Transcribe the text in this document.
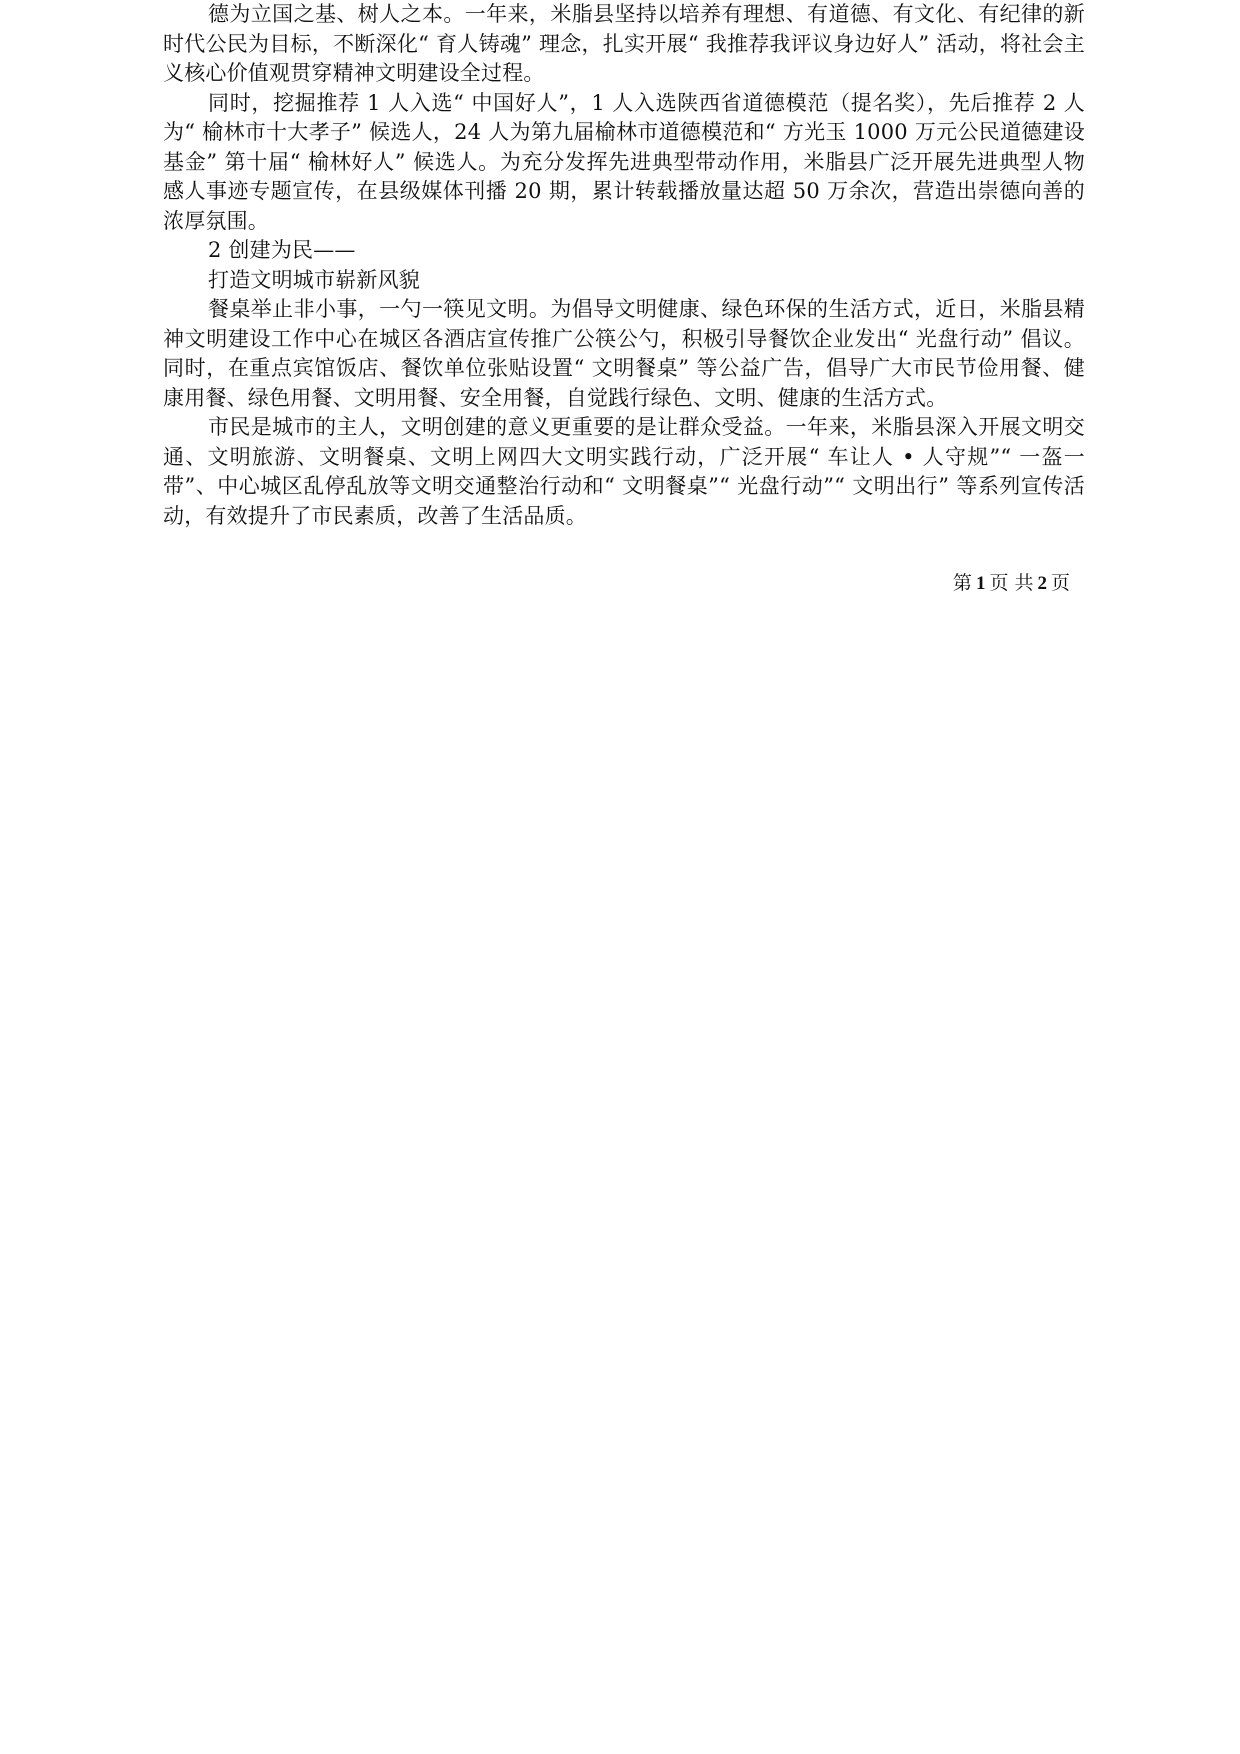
德为立国之基、树人之本。一年来，米脂县坚持以培养有理想、有道德、有文化、有纪律的新时代公民为目标，不断深化“ 育人铸魂” 理念，扎实开展“ 我推荐我评议身边好人” 活动，将社会主义核心价值观贯穿精神文明建设全过程。

同时，挖掘推荐 1 人入选“ 中国好人”，1 人入选陕西省道德模范（提名奖），先后推荐 2 人为“ 榆林市十大孝子” 候选人，24 人为第九届榆林市道德模范和“ 方光玉 1000 万元公民道德建设基金” 第十届“ 榆林好人” 候选人。为充分发挥先进典型带动作用，米脂县广泛开展先进典型人物感人事迹专题宣传，在县级媒体刊播 20 期，累计转载播放量达超 50 万余次，营造出崇德向善的浓厚氛围。

2 创建为民——

打造文明城市崭新风貌

餐桌举止非小事，一勺一筷见文明。为倡导文明健康、绿色环保的生活方式，近日，米脂县精神文明建设工作中心在城区各酒店宣传推广公筷公勺，积极引导餐饮企业发出“ 光盘行动” 倡议。同时，在重点宾馆饭店、餐饮单位张贴设置“ 文明餐桌” 等公益广告，倡导广大市民节俭用餐、健康用餐、绿色用餐、文明用餐、安全用餐，自觉践行绿色、文明、健康的生活方式。

市民是城市的主人，文明创建的意义更重要的是让群众受益。一年来，米脂县深入开展文明交通、文明旅游、文明餐桌、文明上网四大文明实践行动，广泛开展“ 车让人 • 人守规”“ 一盔一带”、中心城区乱停乱放等文明交通整治行动和“ 文明餐桌”“ 光盘行动”“ 文明出行” 等系列宣传活动，有效提升了市民素质，改善了生活品质。

第 1 页 共 2 页
